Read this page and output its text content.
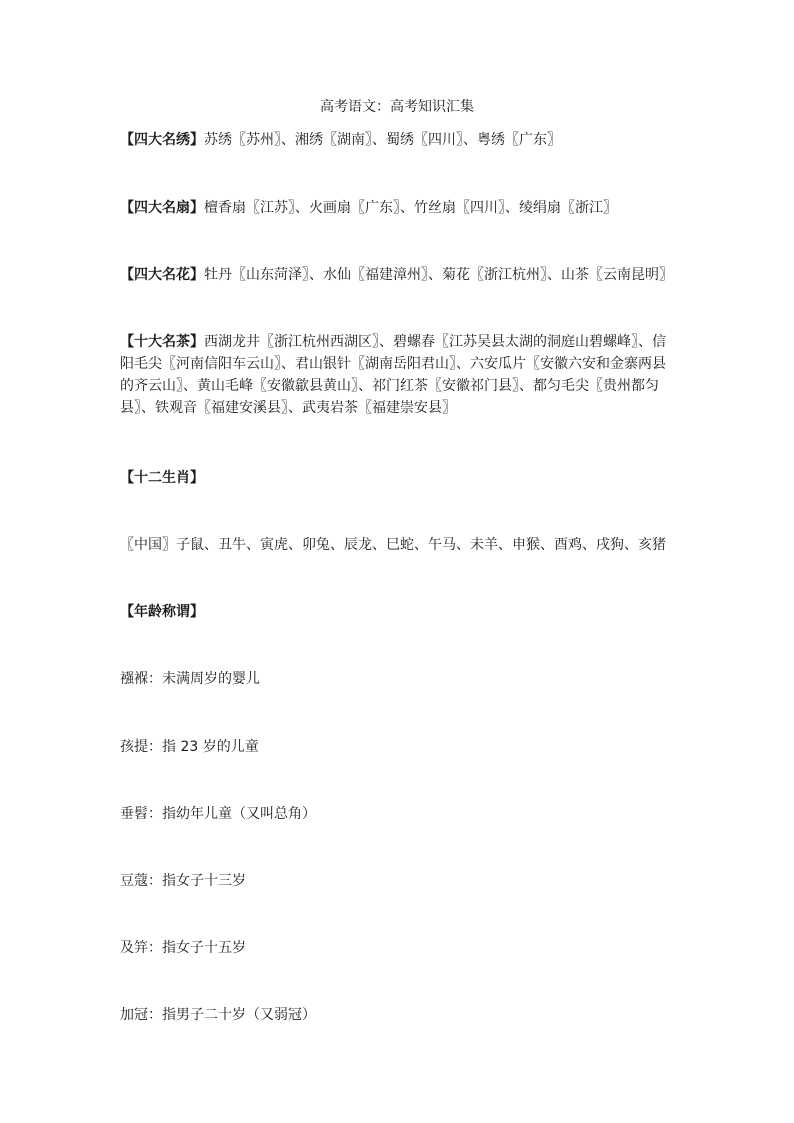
高考语文：高考知识汇集

【四大名绣】苏绣〖苏州〗、湘绣〖湖南〗、蜀绣〖四川〗、粤绣〖广东〗

【四大名扇】檀香扇〖江苏〗、火画扇〖广东〗、竹丝扇〖四川〗、绫绢扇〖浙江〗

【四大名花】牡丹〖山东菏泽〗、水仙〖福建漳州〗、菊花〖浙江杭州〗、山茶〖云南昆明〗

【十大名茶】西湖龙井〖浙江杭州西湖区〗、碧螺春〖江苏吴县太湖的洞庭山碧螺峰〗、信阳毛尖〖河南信阳车云山〗、君山银针〖湖南岳阳君山〗、六安瓜片〖安徽六安和金寨两县的齐云山〗、黄山毛峰〖安徽歙县黄山〗、祁门红茶〖安徽祁门县〗、都匀毛尖〖贵州都匀县〗、铁观音〖福建安溪县〗、武夷岩茶〖福建崇安县〗

【十二生肖】

〖中国〗子鼠、丑牛、寅虎、卯兔、辰龙、巳蛇、午马、未羊、申猴、酉鸡、戌狗、亥猪

【年龄称谓】

襁褓：未满周岁的婴儿

孩提：指 23 岁的儿童

垂髫：指幼年儿童（又叫总角）

豆蔻：指女子十三岁

及笄：指女子十五岁

加冠：指男子二十岁（又弱冠）
